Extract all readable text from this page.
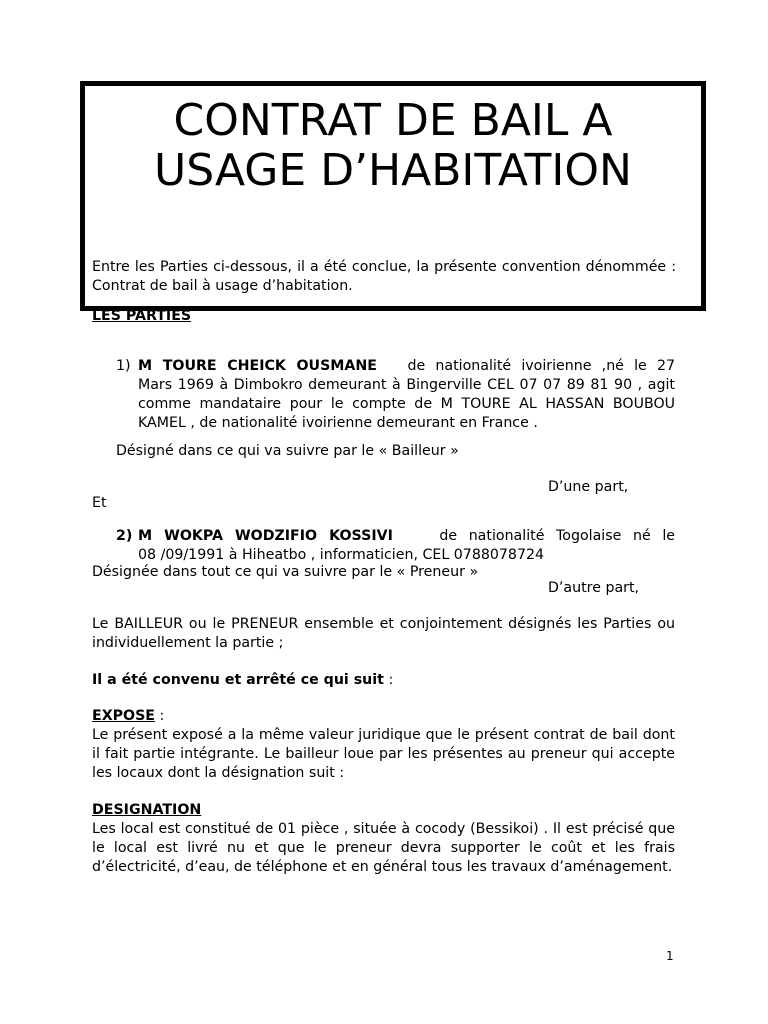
CONTRAT DE BAIL A
USAGE D’HABITATION
Entre les Parties ci-dessous, il a été conclue, la présente convention dénommée : Contrat de bail à usage d’habitation.
LES PARTIES
1) M TOURE CHEICK OUSMANE de nationalité ivoirienne ,né le 27
Mars 1969 à Dimbokro demeurant à Bingerville CEL 07 07 89 81 90 , agit comme mandataire pour le compte de M TOURE AL HASSAN BOUBOU KAMEL , de nationalité ivoirienne demeurant en France .
Désigné dans ce qui va suivre par le « Bailleur »
D’une part,
Et
2) M WOKPA WODZIFIO KOSSIVI	de nationalité Togolaise né le
08 /09/1991 à Hiheatbo , informaticien, CEL 0788078724
Désignée dans tout ce qui va suivre par le « Preneur »
D’autre part,
Le BAILLEUR ou le PRENEUR ensemble et conjointement désignés les Parties ou individuellement la partie ;
Il a été convenu et arrêté ce qui suit :
EXPOSE :
Le présent exposé a la même valeur juridique que le présent contrat de bail dont il fait partie intégrante. Le bailleur loue par les présentes au preneur qui accepte les locaux dont la désignation suit :
DESIGNATION
Les local est constitué de 01 pièce , située à cocody (Bessikoi) . Il est précisé que le local est livré nu et que le preneur devra supporter le coût et les frais d’électricité, d’eau, de téléphone et en général tous les travaux d’aménagement.
1
